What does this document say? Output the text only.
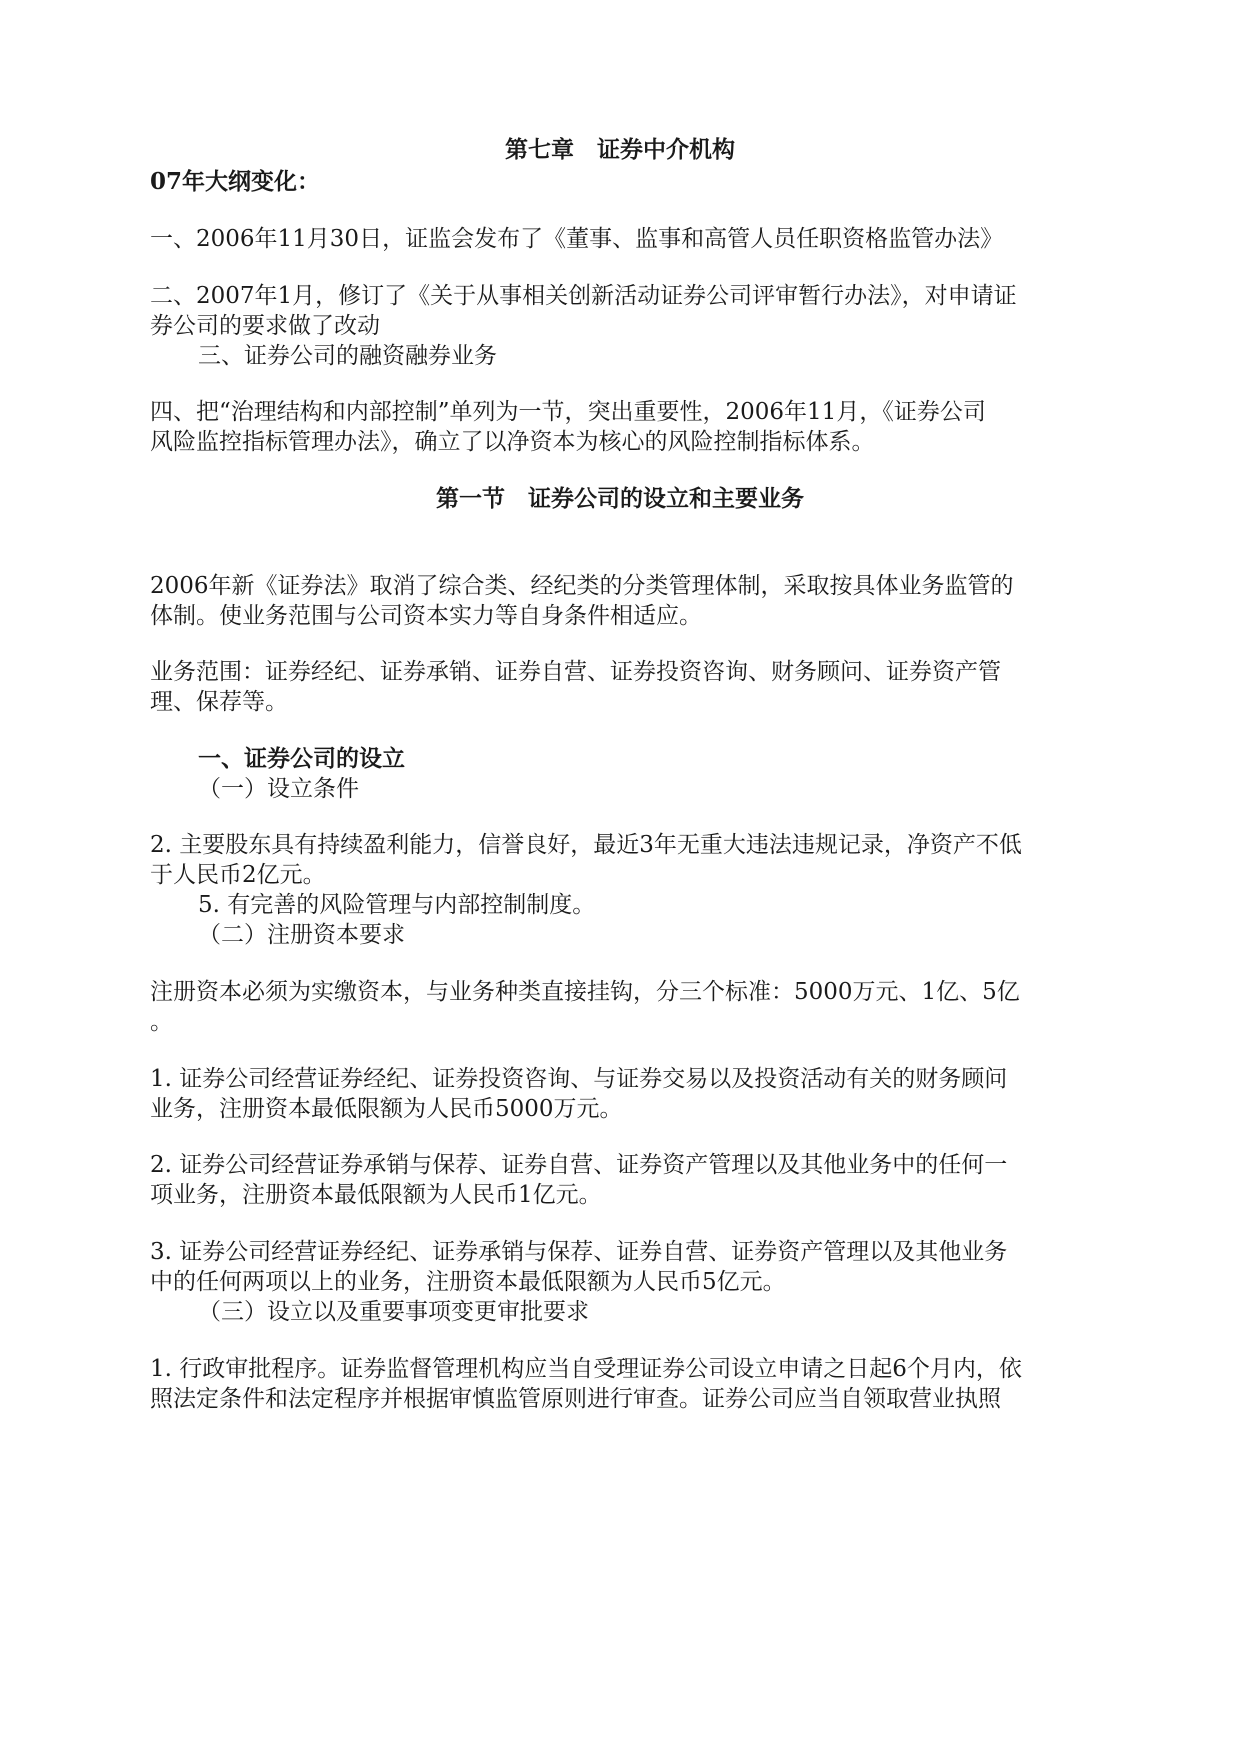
第七章　证券中介机构

07年大纲变化：

一、2006年11月30日，证监会发布了《董事、监事和高管人员任职资格监管办法》

二、2007年1月，修订了《关于从事相关创新活动证券公司评审暂行办法》，对申请证

券公司的要求做了改动

三、证券公司的融资融券业务

四、把“治理结构和内部控制”单列为一节，突出重要性，2006年11月，《证券公司

风险监控指标管理办法》，确立了以净资本为核心的风险控制指标体系。

第一节　证券公司的设立和主要业务

2006年新《证券法》取消了综合类、经纪类的分类管理体制，采取按具体业务监管的

体制。使业务范围与公司资本实力等自身条件相适应。

业务范围：证券经纪、证券承销、证券自营、证券投资咨询、财务顾问、证券资产管

理、保荐等。

一、证券公司的设立

（一）设立条件

2. 主要股东具有持续盈利能力，信誉良好，最近3年无重大违法违规记录，净资产不低

于人民币2亿元。

5. 有完善的风险管理与内部控制制度。

（二）注册资本要求

注册资本必须为实缴资本，与业务种类直接挂钩，分三个标准：5000万元、1亿、5亿

。

1. 证券公司经营证券经纪、证券投资咨询、与证券交易以及投资活动有关的财务顾问

业务，注册资本最低限额为人民币5000万元。

2. 证券公司经营证券承销与保荐、证券自营、证券资产管理以及其他业务中的任何一

项业务，注册资本最低限额为人民币1亿元。

3. 证券公司经营证券经纪、证券承销与保荐、证券自营、证券资产管理以及其他业务

中的任何两项以上的业务，注册资本最低限额为人民币5亿元。

（三）设立以及重要事项变更审批要求

1. 行政审批程序。证券监督管理机构应当自受理证券公司设立申请之日起6个月内，依

照法定条件和法定程序并根据审慎监管原则进行审查。证券公司应当自领取营业执照
